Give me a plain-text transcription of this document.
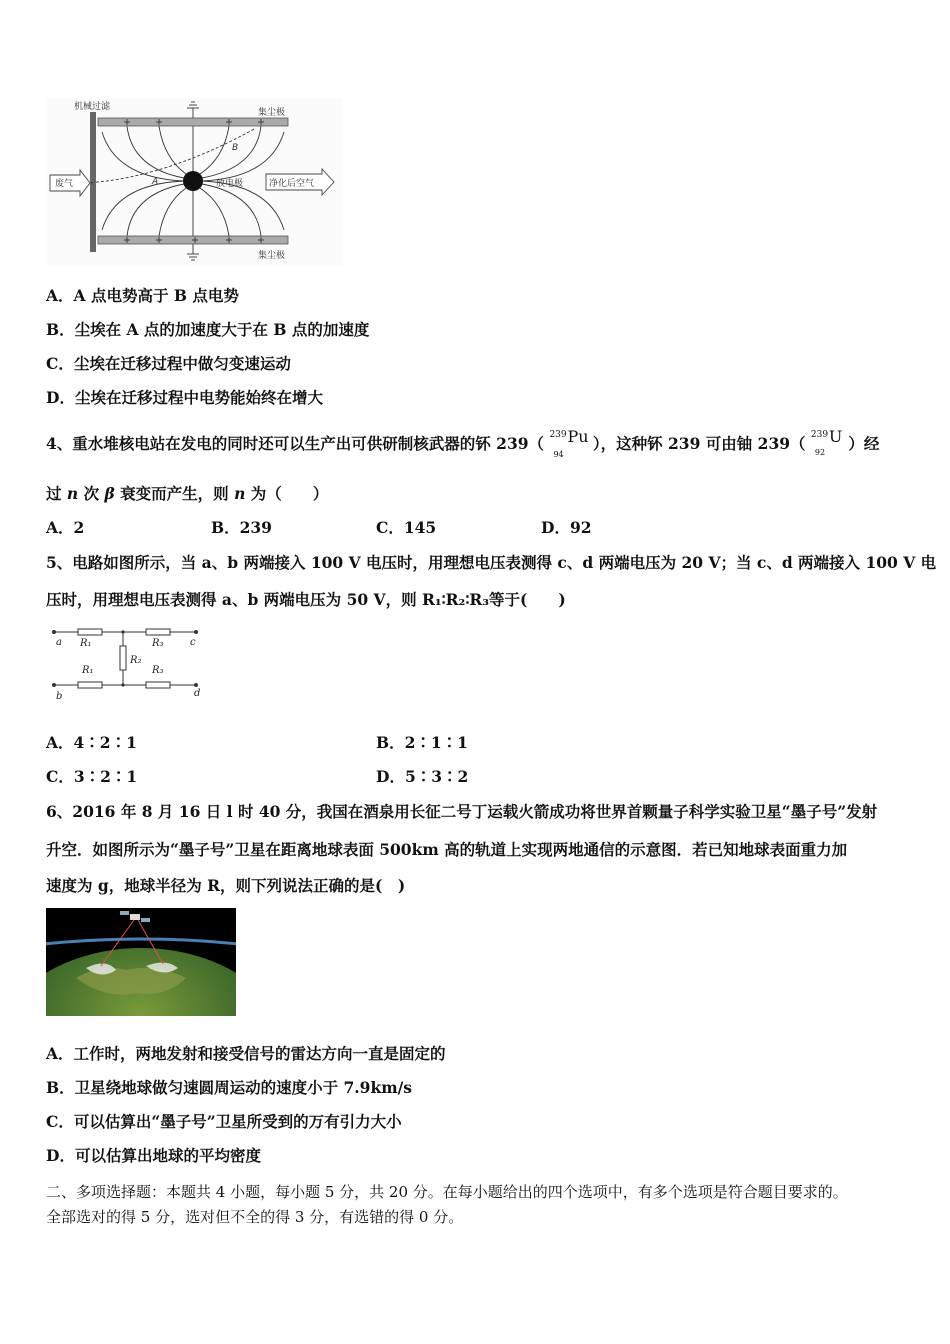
机械过滤
集尘极
集尘极
放电极
废气	净化后空气
A
B
A．A 点电势高于 B 点电势
B．尘埃在 A 点的加速度大于在 B 点的加速度
C．尘埃在迁移过程中做匀变速运动
D．尘埃在迁移过程中电势能始终在增大
4、重水堆核电站在发电的同时还可以生产出可供研制核武器的钚 239（ 239
94
Pu ），这种钚 239 可由铀 239（ 239
92
U ）经
过 n 次 β 衰变而产生，则 n 为（　　）
A．2	B．239	C．145	D．92
5、电路如图所示，当 a、b 两端接入 100 V 电压时，用理想电压表测得 c、d 两端电压为 20 V；当 c、d 两端接入 100 V 电
压时，用理想电压表测得 a、b 两端电压为 50 V，则 R₁∶R₂∶R₃等于(　　)
a
b
c
d
R₁	R₃
R₂
R₁	R₃
A．4∶2∶1	B．2∶1∶1
C．3∶2∶1	D．5∶3∶2
6、2016 年 8 月 16 日 l 时 40 分，我国在酒泉用长征二号丁运载火箭成功将世界首颗量子科学实验卫星“墨子号”发射
升空．如图所示为“墨子号”卫星在距离地球表面 500km 高的轨道上实现两地通信的示意图．若已知地球表面重力加
速度为 g，地球半径为 R，则下列说法正确的是(　)
A．工作时，两地发射和接受信号的雷达方向一直是固定的
B．卫星绕地球做匀速圆周运动的速度小于 7.9km/s
C．可以估算出“墨子号”卫星所受到的万有引力大小
D．可以估算出地球的平均密度
二、多项选择题：本题共 4 小题，每小题 5 分，共 20 分。在每小题给出的四个选项中，有多个选项是符合题目要求的。
全部选对的得 5 分，选对但不全的得 3 分，有选错的得 0 分。
